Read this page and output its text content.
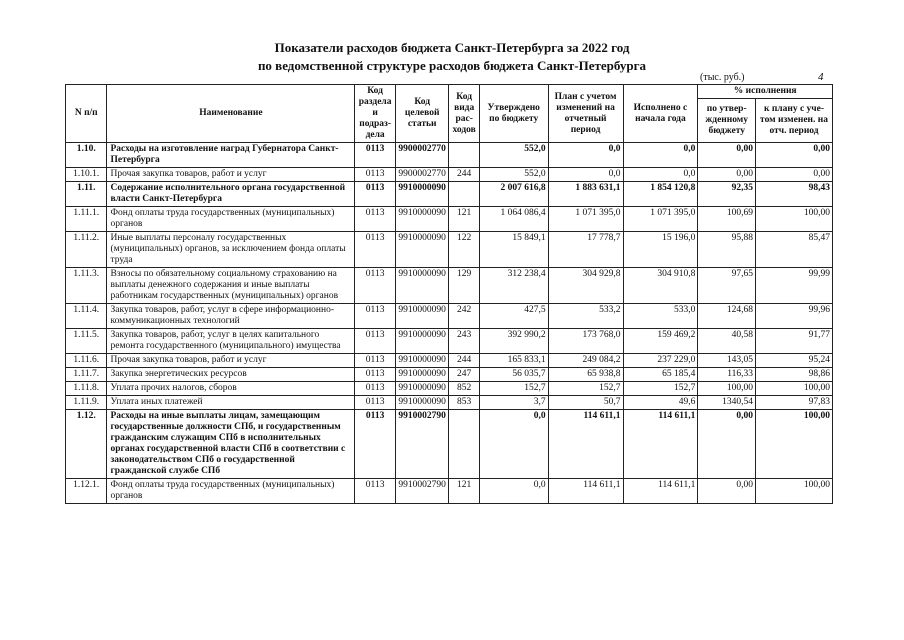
Показатели расходов бюджета Санкт-Петербурга за 2022 год
по ведомственной структуре расходов бюджета Санкт-Петербурга
(тыс. руб.)	4
N п/п	Наименование	Код раздела и подраз-дела	Код целевой статьи	Код вида рас-ходов	Утверждено по бюджету	План с учетом изменений на отчетный период	Исполнено с начала года	% исполнения	
								по утвер-жденному бюджету	к плану с уче-том изменен. на отч. период
1.10.	Расходы на изготовление наград Губернатора Санкт-Петербурга	0113	9900002770		552,0	0,0	0,0	0,00	0,00
1.10.1.	Прочая закупка товаров, работ и услуг	0113	9900002770	244	552,0	0,0	0,0	0,00	0,00
1.11.	Содержание исполнительного органа государственной власти Санкт-Петербурга	0113	9910000090		2 007 616,8	1 883 631,1	1 854 120,8	92,35	98,43
1.11.1.	Фонд оплаты труда государственных (муниципальных) органов	0113	9910000090	121	1 064 086,4	1 071 395,0	1 071 395,0	100,69	100,00
1.11.2.	Иные выплаты персоналу государственных (муниципальных) органов, за исключением фонда оплаты труда	0113	9910000090	122	15 849,1	17 778,7	15 196,0	95,88	85,47
1.11.3.	Взносы по обязательному социальному страхованию на выплаты денежного содержания и иные выплаты работникам государственных (муниципальных) органов	0113	9910000090	129	312 238,4	304 929,8	304 910,8	97,65	99,99
1.11.4.	Закупка товаров, работ, услуг в сфере информационно-коммуникационных технологий	0113	9910000090	242	427,5	533,2	533,0	124,68	99,96
1.11.5.	Закупка товаров, работ, услуг в целях капитального ремонта государственного (муниципального) имущества	0113	9910000090	243	392 990,2	173 768,0	159 469,2	40,58	91,77
1.11.6.	Прочая закупка товаров, работ и услуг	0113	9910000090	244	165 833,1	249 084,2	237 229,0	143,05	95,24
1.11.7.	Закупка энергетических ресурсов	0113	9910000090	247	56 035,7	65 938,8	65 185,4	116,33	98,86
1.11.8.	Уплата прочих налогов, сборов	0113	9910000090	852	152,7	152,7	152,7	100,00	100,00
1.11.9.	Уплата иных платежей	0113	9910000090	853	3,7	50,7	49,6	1340,54	97,83
1.12.	Расходы на иные выплаты лицам, замещающим государственные должности СПб, и государственным гражданским служащим СПб в исполнительных органах государственной власти СПб в соответствии с законодательством СПб о государственной гражданской службе СПб	0113	9910002790		0,0	114 611,1	114 611,1	0,00	100,00
1.12.1.	Фонд оплаты труда государственных (муниципальных) органов	0113	9910002790	121	0,0	114 611,1	114 611,1	0,00	100,00
